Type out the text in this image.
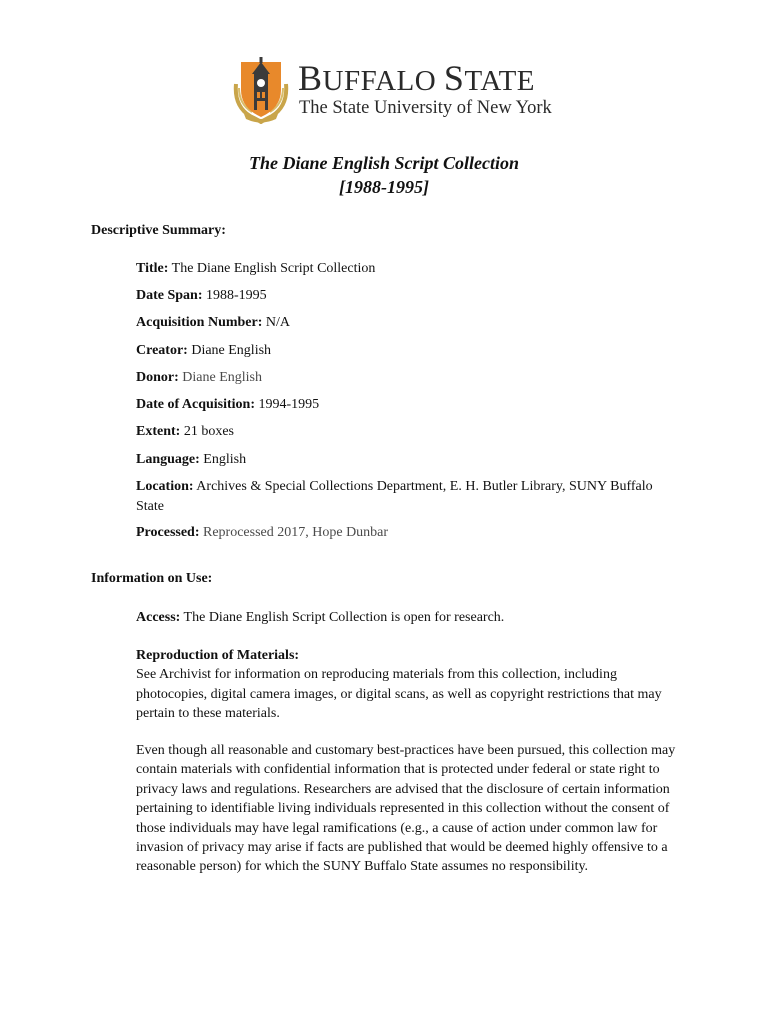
BUFFALO STATE
The State University of New York
The Diane English Script Collection
[1988-1995]
Descriptive Summary:
Title: The Diane English Script Collection
Date Span: 1988-1995
Acquisition Number: N/A
Creator: Diane English
Donor: Diane English
Date of Acquisition: 1994-1995
Extent: 21 boxes
Language: English
Location: Archives & Special Collections Department, E. H. Butler Library, SUNY Buffalo State
Processed: Reprocessed 2017, Hope Dunbar
Information on Use:
Access: The Diane English Script Collection is open for research.
Reproduction of Materials:
See Archivist for information on reproducing materials from this collection, including photocopies, digital camera images, or digital scans, as well as copyright restrictions that may pertain to these materials.
Even though all reasonable and customary best-practices have been pursued, this collection may contain materials with confidential information that is protected under federal or state right to privacy laws and regulations. Researchers are advised that the disclosure of certain information pertaining to identifiable living individuals represented in this collection without the consent of those individuals may have legal ramifications (e.g., a cause of action under common law for invasion of privacy may arise if facts are published that would be deemed highly offensive to a reasonable person) for which the SUNY Buffalo State assumes no responsibility.
